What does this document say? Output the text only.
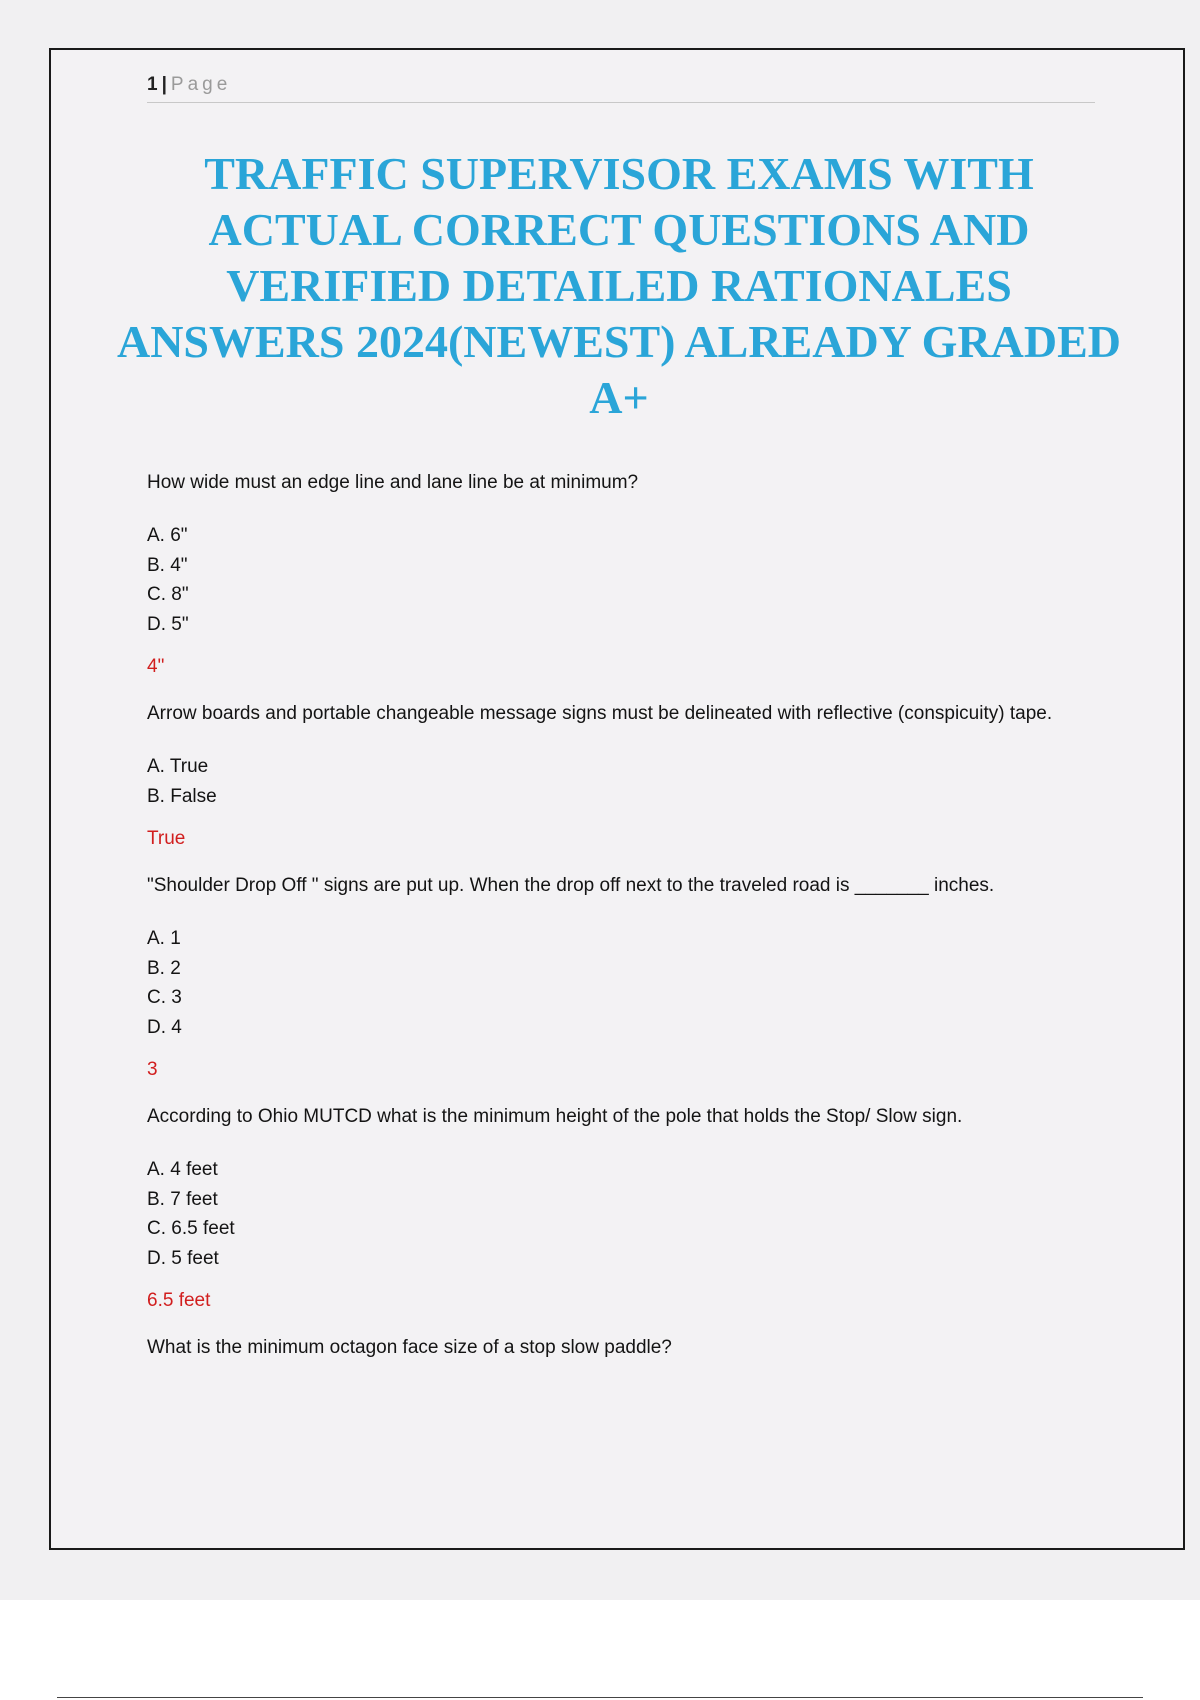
1 | Page
TRAFFIC SUPERVISOR EXAMS WITH ACTUAL CORRECT QUESTIONS AND VERIFIED DETAILED RATIONALES ANSWERS 2024(NEWEST) ALREADY GRADED A+

How wide must an edge line and lane line be at minimum?

A. 6"
B. 4"
C. 8"
D. 5"
4"

Arrow boards and portable changeable message signs must be delineated with reflective (conspicuity) tape.

A. True
B. False
True

"Shoulder Drop Off " signs are put up. When the drop off next to the traveled road is _______ inches.

A. 1
B. 2
C. 3
D. 4
3

According to Ohio MUTCD what is the minimum height of the pole that holds the Stop/ Slow sign.

A. 4 feet
B. 7 feet
C. 6.5 feet
D. 5 feet
6.5 feet

What is the minimum octagon face size of a stop slow paddle?
